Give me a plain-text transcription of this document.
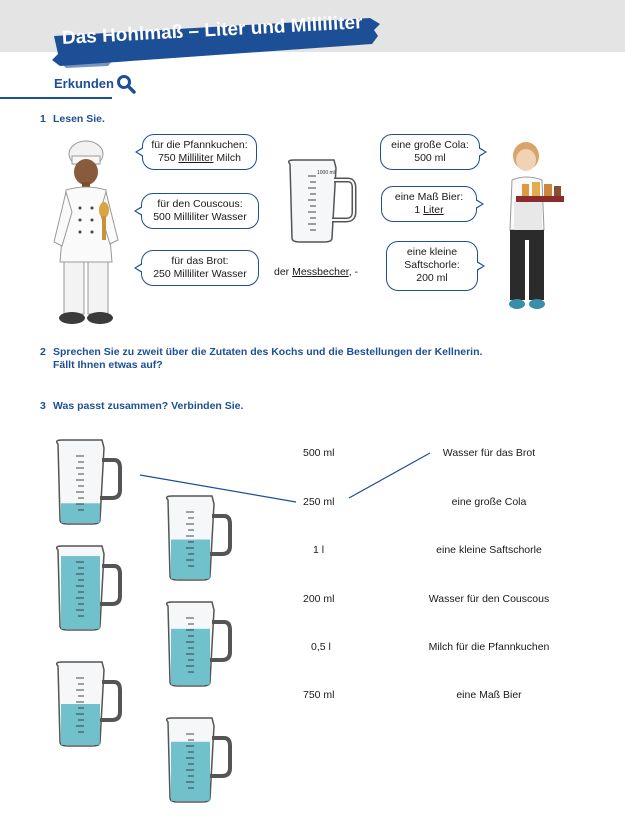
Das Hohlmaß – Liter und Milliliter
Erkunden
1 Lesen Sie.
für die Pfannkuchen:
750 Milliliter Milch
für den Couscous:
500 Milliliter Wasser
für das Brot:
250 Milliliter Wasser
1000 ml
der Messbecher, -
eine große Cola:
500 ml
eine Maß Bier:
1 Liter
eine kleine
Saftschorle:
200 ml
2 Sprechen Sie zu zweit über die Zutaten des Kochs und die Bestellungen der Kellnerin.
Fällt Ihnen etwas auf?
3 Was passt zusammen? Verbinden Sie.
500 ml
250 ml
1 l
200 ml
0,5 l
750 ml
Wasser für das Brot
eine große Cola
eine kleine Saftschorle
Wasser für den Couscous
Milch für die Pfannkuchen
eine Maß Bier
